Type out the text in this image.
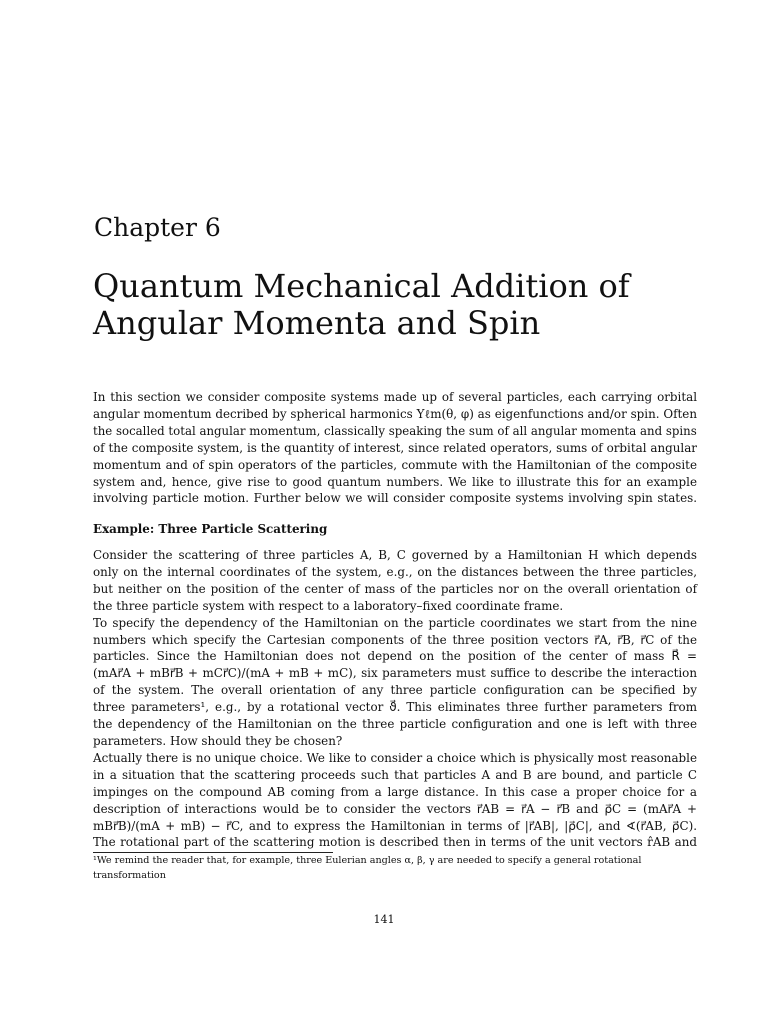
Chapter 6
Quantum Mechanical Addition of
Angular Momenta and Spin
In this section we consider composite systems made up of several particles, each carrying orbital
angular momentum decribed by spherical harmonics Yℓm(θ, φ) as eigenfunctions and/or spin. Often
the socalled total angular momentum, classically speaking the sum of all angular momenta and spins
of the composite system, is the quantity of interest, since related operators, sums of orbital angular
momentum and of spin operators of the particles, commute with the Hamiltonian of the composite
system and, hence, give rise to good quantum numbers. We like to illustrate this for an example
involving particle motion. Further below we will consider composite systems involving spin states.
Example: Three Particle Scattering
Consider the scattering of three particles A, B, C governed by a Hamiltonian H which depends
only on the internal coordinates of the system, e.g., on the distances between the three particles,
but neither on the position of the center of mass of the particles nor on the overall orientation of
the three particle system with respect to a laboratory–fixed coordinate frame.
To specify the dependency of the Hamiltonian on the particle coordinates we start from the nine
numbers which specify the Cartesian components of the three position vectors r⃗A, r⃗B, r⃗C of the
particles. Since the Hamiltonian does not depend on the position of the center of mass R⃗ =
(mAr⃗A + mBr⃗B + mCr⃗C)/(mA + mB + mC), six parameters must suffice to describe the interaction
of the system. The overall orientation of any three particle configuration can be specified by
three parameters¹, e.g., by a rotational vector ϑ⃗. This eliminates three further parameters from
the dependency of the Hamiltonian on the three particle configuration and one is left with three
parameters. How should they be chosen?
Actually there is no unique choice. We like to consider a choice which is physically most reasonable
in a situation that the scattering proceeds such that particles A and B are bound, and particle C
impinges on the compound AB coming from a large distance. In this case a proper choice for a
description of interactions would be to consider the vectors r⃗AB = r⃗A − r⃗B and ρ⃗C = (mAr⃗A +
mBr⃗B)/(mA + mB) − r⃗C, and to express the Hamiltonian in terms of |r⃗AB|, |ρ⃗C|, and ∢(r⃗AB, ρ⃗C).
The rotational part of the scattering motion is described then in terms of the unit vectors r̂AB and
¹We remind the reader that, for example, three Eulerian angles α, β, γ are needed to specify a general rotational
transformation
141
